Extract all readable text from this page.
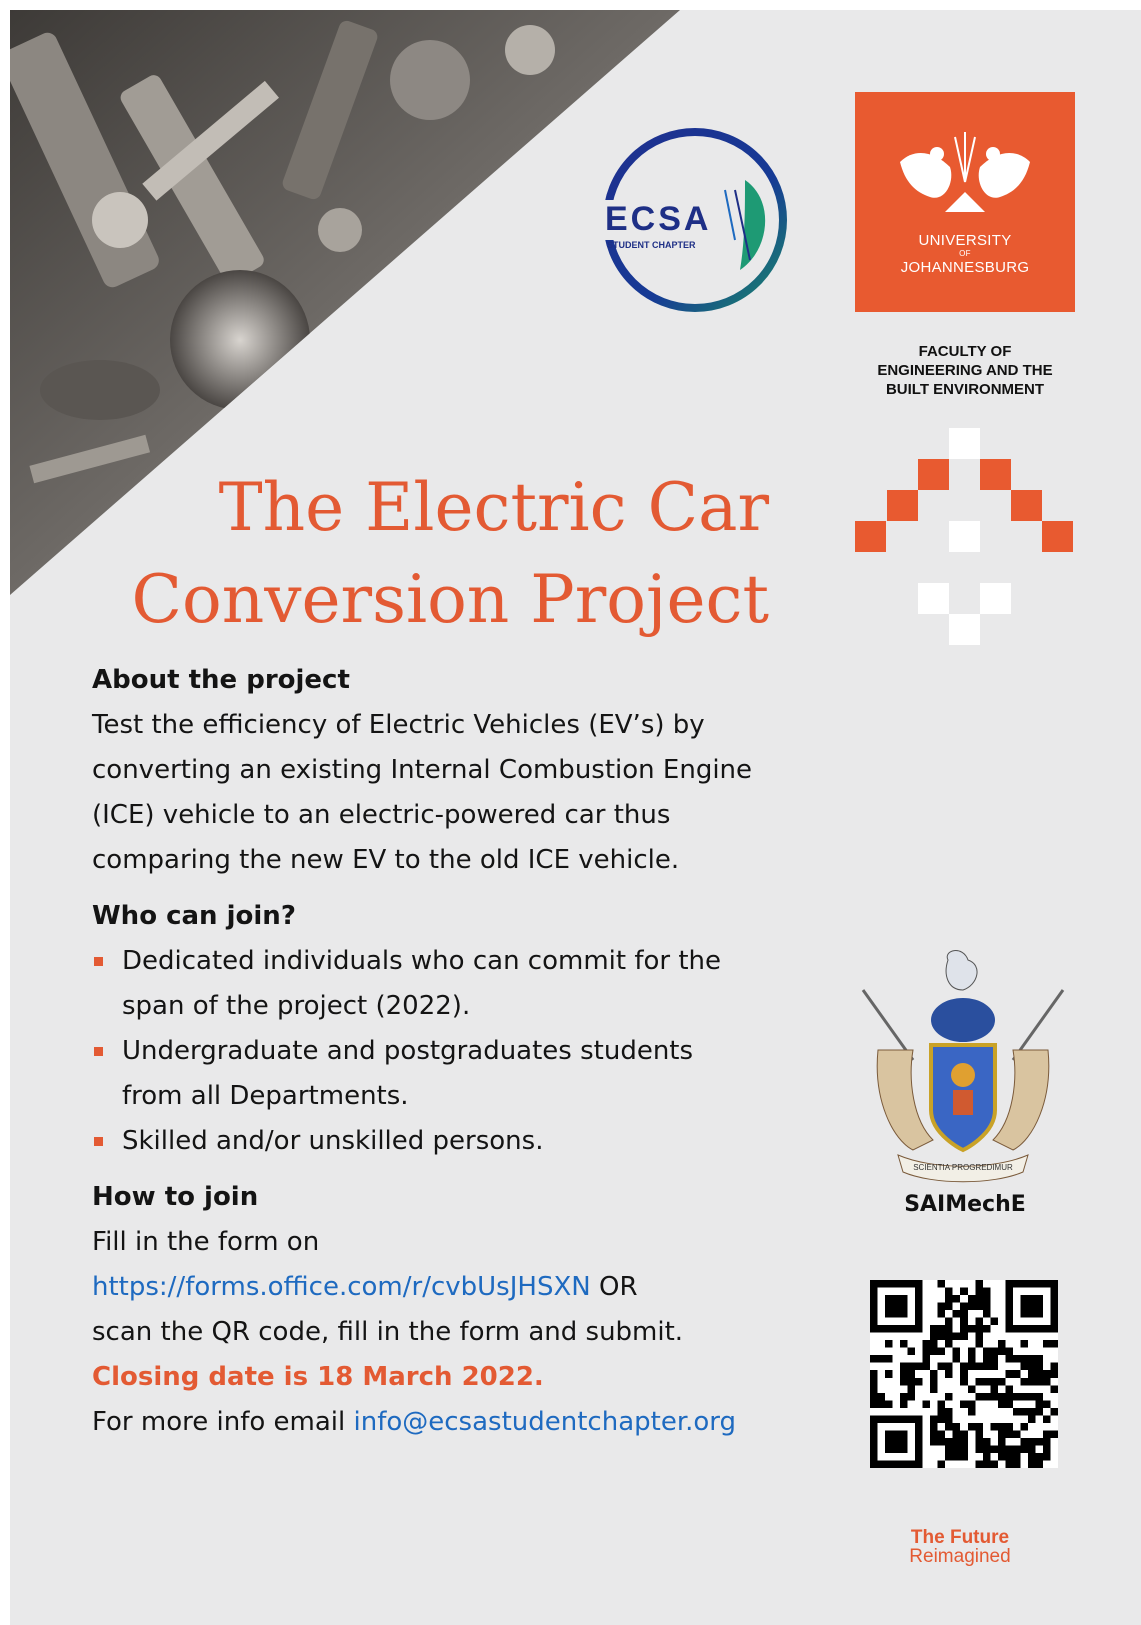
ECSA
STUDENT CHAPTER	UNIVERSITY
OF
JOHANNESBURG
FACULTY OF
ENGINEERING AND THE
BUILT ENVIRONMENT
The Electric Car
Conversion Project
About the project

Test the efficiency of Electric Vehicles (EV’s) by

converting an existing Internal Combustion Engine

(ICE) vehicle to an electric-powered car thus

comparing the new EV to the old ICE vehicle.

Who can join?
Dedicated individuals who can commit for the
span of the project (2022).
Undergraduate and postgraduates students
from all Departments.
Skilled and/or unskilled persons.
How to join

Fill in the form on

https://forms.office.com/r/cvbUsJHSXN OR

scan the QR code, fill in the form and submit.

Closing date is 18 March 2022.

For more info email info@ecsastudentchapter.org

SCIENTIA PROGREDIMUR
SAIMechE
The Future
Reimagined
